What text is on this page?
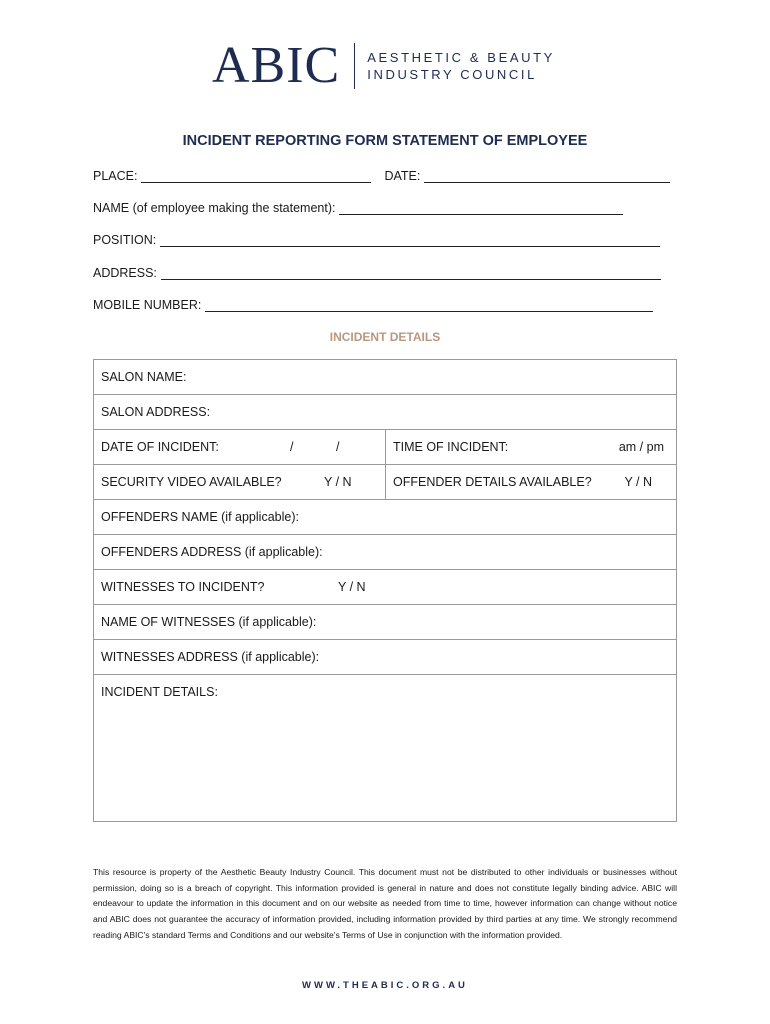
ABIC AESTHETIC & BEAUTY
INDUSTRY COUNCIL
INCIDENT REPORTING FORM STATEMENT OF EMPLOYEE
PLACE:	DATE:
NAME (of employee making the statement):
POSITION:
ADDRESS:
MOBILE NUMBER:
INCIDENT DETAILS
SALON NAME:
SALON ADDRESS:
DATE OF INCIDENT:	/	/	TIME OF INCIDENT:	am / pm
SECURITY VIDEO AVAILABLE?	Y / N	OFFENDER DETAILS AVAILABLE?	Y / N
OFFENDERS NAME (if applicable):
OFFENDERS ADDRESS (if applicable):
WITNESSES TO INCIDENT?	Y / N
NAME OF WITNESSES (if applicable):
WITNESSES ADDRESS (if applicable):
INCIDENT DETAILS:
This resource is property of the Aesthetic Beauty Industry Council. This document must not be distributed to other individuals or businesses without permission, doing so is a breach of copyright. This information provided is general in nature and does not constitute legally binding advice. ABIC will endeavour to update the information in this document and on our website as needed from time to time, however information can change without notice and ABIC does not guarantee the accuracy of information provided, including information provided by third parties at any time. We strongly recommend reading ABIC's standard Terms and Conditions and our website's Terms of Use in conjunction with the information provided.
WWW.THEABIC.ORG.AU
